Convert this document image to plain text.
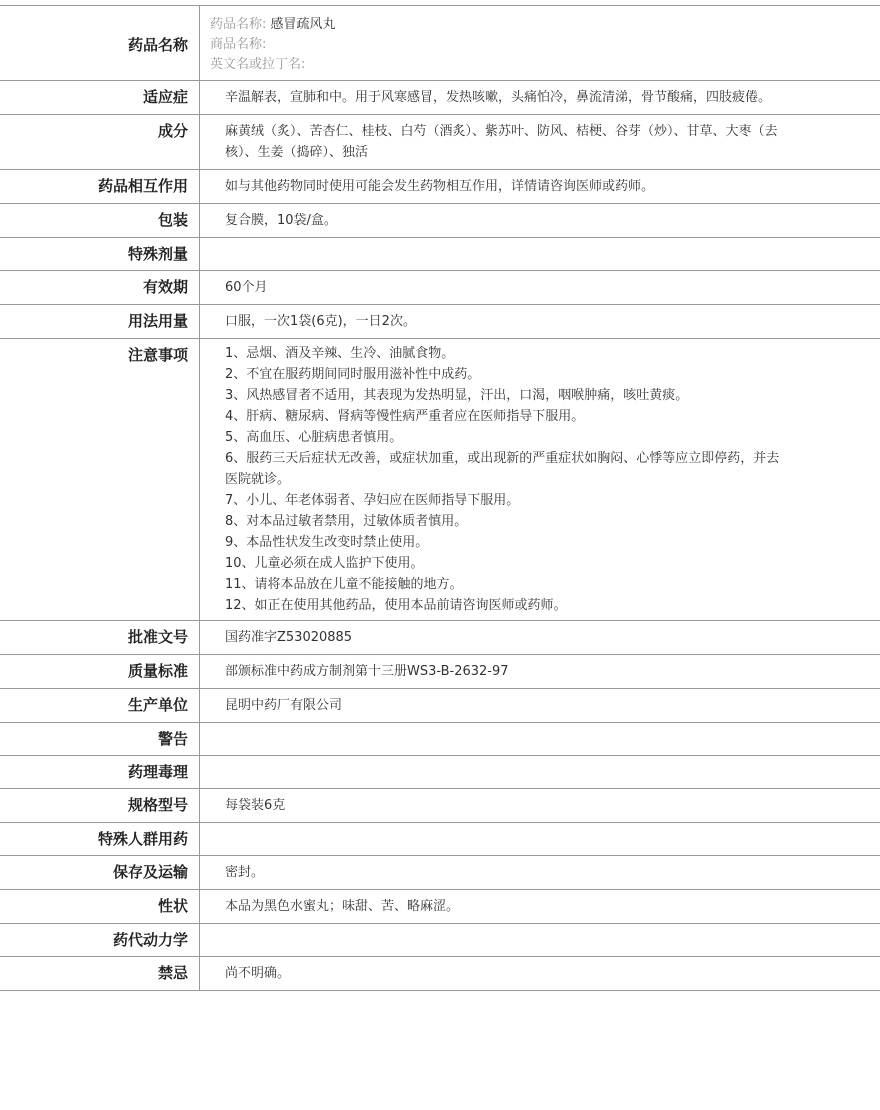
药品名称
药品名称: 感冒疏风丸
商品名称:
英文名或拉丁名:
适应症	辛温解表，宣肺和中。用于风寒感冒，发热咳嗽，头痛怕冷，鼻流清涕，骨节酸痛，四肢疲倦。
成分	麻黄绒（炙）、苦杏仁、桂枝、白芍（酒炙）、紫苏叶、防风、桔梗、谷芽（炒）、甘草、大枣（去核）、生姜（捣碎）、独活
药品相互作用	如与其他药物同时使用可能会发生药物相互作用，详情请咨询医师或药师。
包装	复合膜，10袋/盒。
特殊剂量
有效期	60个月
用法用量	口服，一次1袋(6克)，一日2次。
注意事项	1、忌烟、酒及辛辣、生冷、油腻食物。
2、不宜在服药期间同时服用滋补性中成药。
3、风热感冒者不适用，其表现为发热明显，汗出，口渴，咽喉肿痛，咳吐黄痰。
4、肝病、糖尿病、肾病等慢性病严重者应在医师指导下服用。
5、高血压、心脏病患者慎用。
6、服药三天后症状无改善，或症状加重，或出现新的严重症状如胸闷、心悸等应立即停药，并去医院就诊。
7、小儿、年老体弱者、孕妇应在医师指导下服用。
8、对本品过敏者禁用，过敏体质者慎用。
9、本品性状发生改变时禁止使用。
10、儿童必须在成人监护下使用。
11、请将本品放在儿童不能接触的地方。
12、如正在使用其他药品，使用本品前请咨询医师或药师。
批准文号	国药准字Z53020885
质量标准	部颁标准中药成方制剂第十三册WS3-B-2632-97
生产单位	昆明中药厂有限公司
警告
药理毒理
规格型号	每袋装6克
特殊人群用药
保存及运输	密封。
性状	本品为黑色水蜜丸；味甜、苦、略麻涩。
药代动力学
禁忌	尚不明确。
